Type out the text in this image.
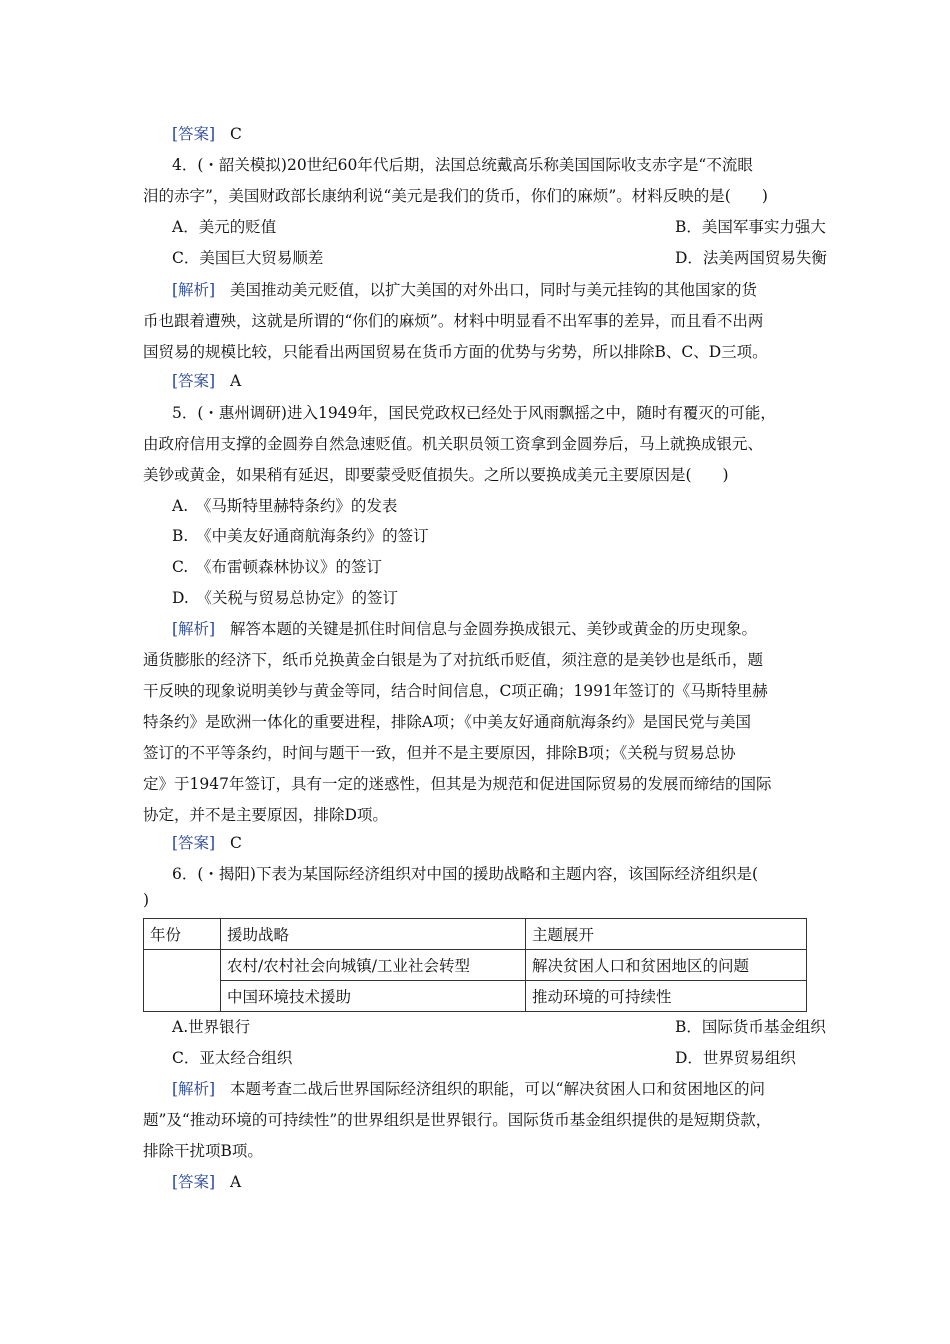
[答案] C
4．(・韶关模拟)20世纪60年代后期，法国总统戴高乐称美国国际收支赤字是“不流眼
泪的赤字”，美国财政部长康纳利说“美元是我们的货币，你们的麻烦”。材料反映的是(　　)
A．美元的贬值	B．美国军事实力强大
C．美国巨大贸易顺差	D．法美两国贸易失衡
[解析] 美国推动美元贬值，以扩大美国的对外出口，同时与美元挂钩的其他国家的货
币也跟着遭殃，这就是所谓的“你们的麻烦”。材料中明显看不出军事的差异，而且看不出两
国贸易的规模比较，只能看出两国贸易在货币方面的优势与劣势，所以排除B、C、D三项。
[答案] A
5．(・惠州调研)进入1949年，国民党政权已经处于风雨飘摇之中，随时有覆灭的可能，
由政府信用支撑的金圆券自然急速贬值。机关职员领工资拿到金圆券后，马上就换成银元、
美钞或黄金，如果稍有延迟，即要蒙受贬值损失。之所以要换成美元主要原因是(　　)
A.　《马斯特里赫特条约》的发表
B.　《中美友好通商航海条约》的签订
C.　《布雷顿森林协议》的签订
D.　《关税与贸易总协定》的签订
[解析] 解答本题的关键是抓住时间信息与金圆券换成银元、美钞或黄金的历史现象。
通货膨胀的经济下，纸币兑换黄金白银是为了对抗纸币贬值，须注意的是美钞也是纸币，题
干反映的现象说明美钞与黄金等同，结合时间信息，C项正确；1991年签订的《马斯特里赫
特条约》是欧洲一体化的重要进程，排除A项；《中美友好通商航海条约》是国民党与美国
签订的不平等条约，时间与题干一致，但并不是主要原因，排除B项；《关税与贸易总协
定》于1947年签订，具有一定的迷惑性，但其是为规范和促进国际贸易的发展而缔结的国际
协定，并不是主要原因，排除D项。
[答案] C
6．(・揭阳)下表为某国际经济组织对中国的援助战略和主题内容，该国际经济组织是(
)
年份	援助战略	主题展开
	农村/农村社会向城镇/工业社会转型	解决贫困人口和贫困地区的问题
	中国环境技术援助	推动环境的可持续性
A.世界银行	B．国际货币基金组织
C．亚太经合组织	D．世界贸易组织
[解析] 本题考查二战后世界国际经济组织的职能，可以“解决贫困人口和贫困地区的问
题”及“推动环境的可持续性”的世界组织是世界银行。国际货币基金组织提供的是短期贷款，
排除干扰项B项。
[答案] A
